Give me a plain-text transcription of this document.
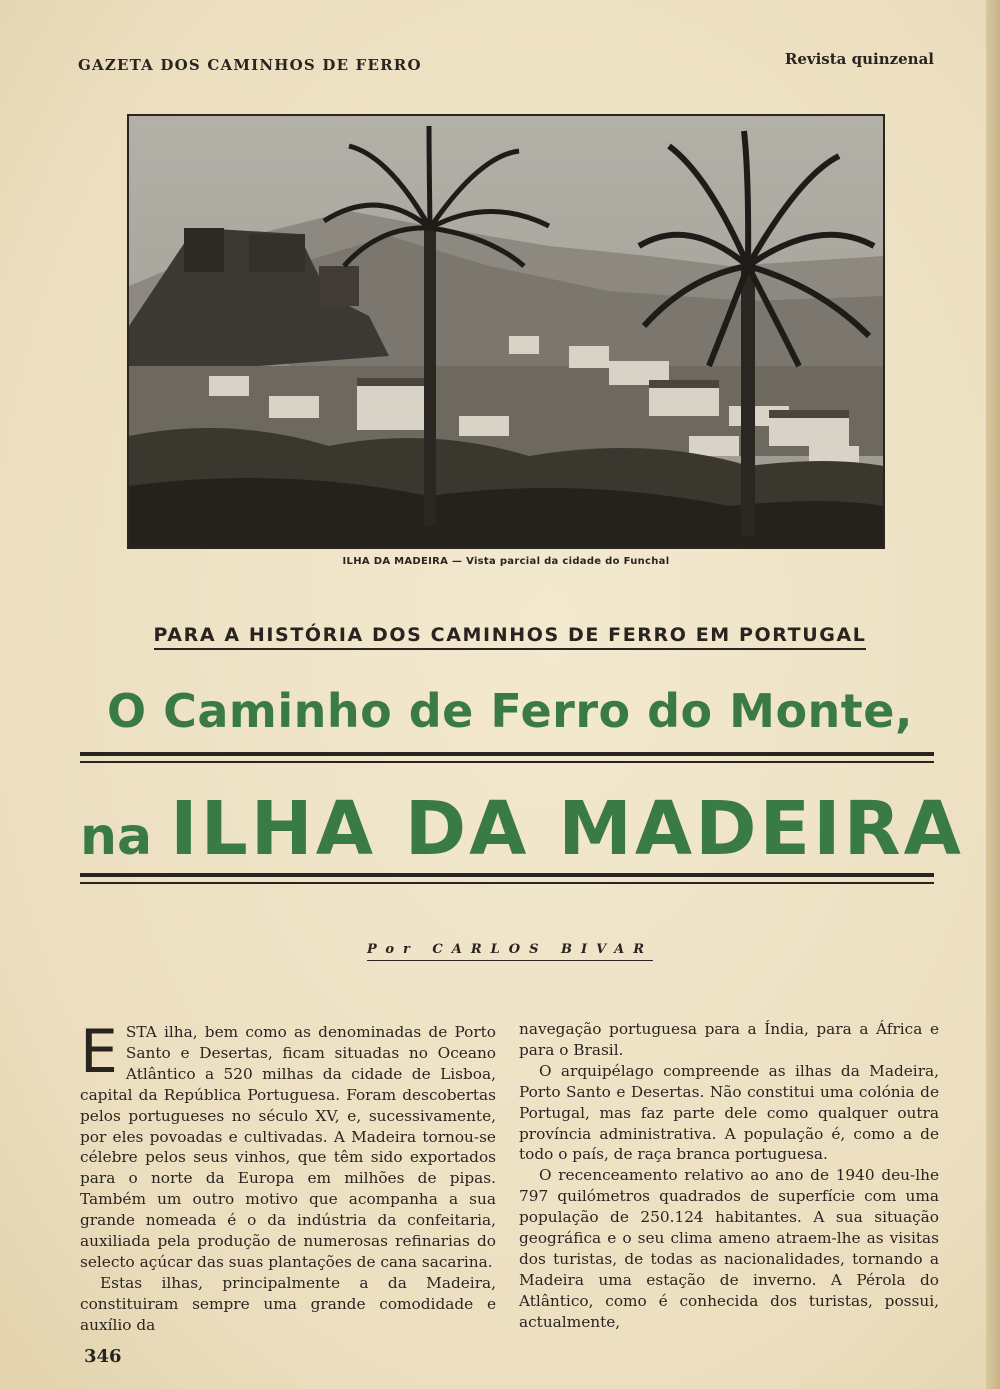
GAZETA DOS CAMINHOS DE FERRO	Revista quinzenal
ILHA DA MADEIRA — Vista parcial da cidade do Funchal
PARA A HISTÓRIA DOS CAMINHOS DE FERRO EM PORTUGAL
O Caminho de Ferro do Monte,
na ILHA DA MADEIRA
Por CARLOS BIVAR

ESTA ilha, bem como as denominadas de Porto Santo e Desertas, ficam situadas no Oceano Atlântico a 520 milhas da cidade de Lisboa, capital da República Portuguesa. Foram descobertas pelos portugueses no século XV, e, sucessivamente, por eles povoadas e cultivadas. A Madeira tornou-se célebre pelos seus vinhos, que têm sido exportados para o norte da Europa em milhões de pipas. Também um outro motivo que acompanha a sua grande nomeada é o da indústria da confeitaria, auxiliada pela produção de numerosas refinarias do selecto açúcar das suas plantações de cana sacarina.

Estas ilhas, principalmente a da Madeira, constituiram sempre uma grande comodidade e auxílio da

navegação portuguesa para a Índia, para a África e para o Brasil.

O arquipélago compreende as ilhas da Madeira, Porto Santo e Desertas. Não constitui uma colónia de Portugal, mas faz parte dele como qualquer outra província administrativa. A população é, como a de todo o país, de raça branca portuguesa.

O recenceamento relativo ao ano de 1940 deu-lhe 797 quilómetros quadrados de superfície com uma população de 250.124 habitantes. A sua situação geográfica e o seu clima ameno atraem-lhe as visitas dos turistas, de todas as nacionalidades, tornando a Madeira uma estação de inverno. A Pérola do Atlântico, como é conhecida dos turistas, possui, actualmente,

346
